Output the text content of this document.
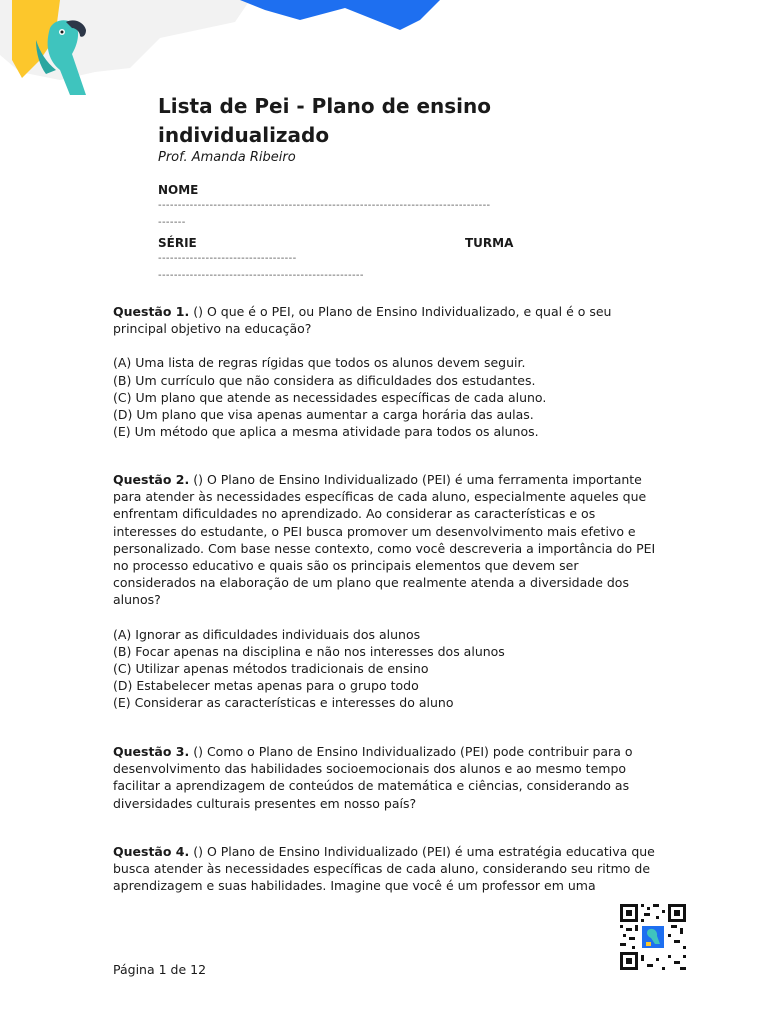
Lista de Pei - Plano de ensino individualizado
Prof. Amanda Ribeiro
NOME
------------------------------------------------------------------------------------
-------
SÉRIE	TURMA
-----------------------------------
----------------------------------------------------
Questão 1. () O que é o PEI, ou Plano de Ensino Individualizado, e qual é o seu principal objetivo na educação?
(A) Uma lista de regras rígidas que todos os alunos devem seguir.
(B) Um currículo que não considera as dificuldades dos estudantes.
(C) Um plano que atende as necessidades específicas de cada aluno.
(D) Um plano que visa apenas aumentar a carga horária das aulas.
(E) Um método que aplica a mesma atividade para todos os alunos.
Questão 2. () O Plano de Ensino Individualizado (PEI) é uma ferramenta importante para atender às necessidades específicas de cada aluno, especialmente aqueles que enfrentam dificuldades no aprendizado. Ao considerar as características e os interesses do estudante, o PEI busca promover um desenvolvimento mais efetivo e personalizado. Com base nesse contexto, como você descreveria a importância do PEI no processo educativo e quais são os principais elementos que devem ser considerados na elaboração de um plano que realmente atenda a diversidade dos alunos?
(A) Ignorar as dificuldades individuais dos alunos
(B) Focar apenas na disciplina e não nos interesses dos alunos
(C) Utilizar apenas métodos tradicionais de ensino
(D) Estabelecer metas apenas para o grupo todo
(E) Considerar as características e interesses do aluno
Questão 3. () Como o Plano de Ensino Individualizado (PEI) pode contribuir para o desenvolvimento das habilidades socioemocionais dos alunos e ao mesmo tempo facilitar a aprendizagem de conteúdos de matemática e ciências, considerando as diversidades culturais presentes em nosso país?
Questão 4. () O Plano de Ensino Individualizado (PEI) é uma estratégia educativa que busca atender às necessidades específicas de cada aluno, considerando seu ritmo de aprendizagem e suas habilidades. Imagine que você é um professor em uma
Página 1 de 12
